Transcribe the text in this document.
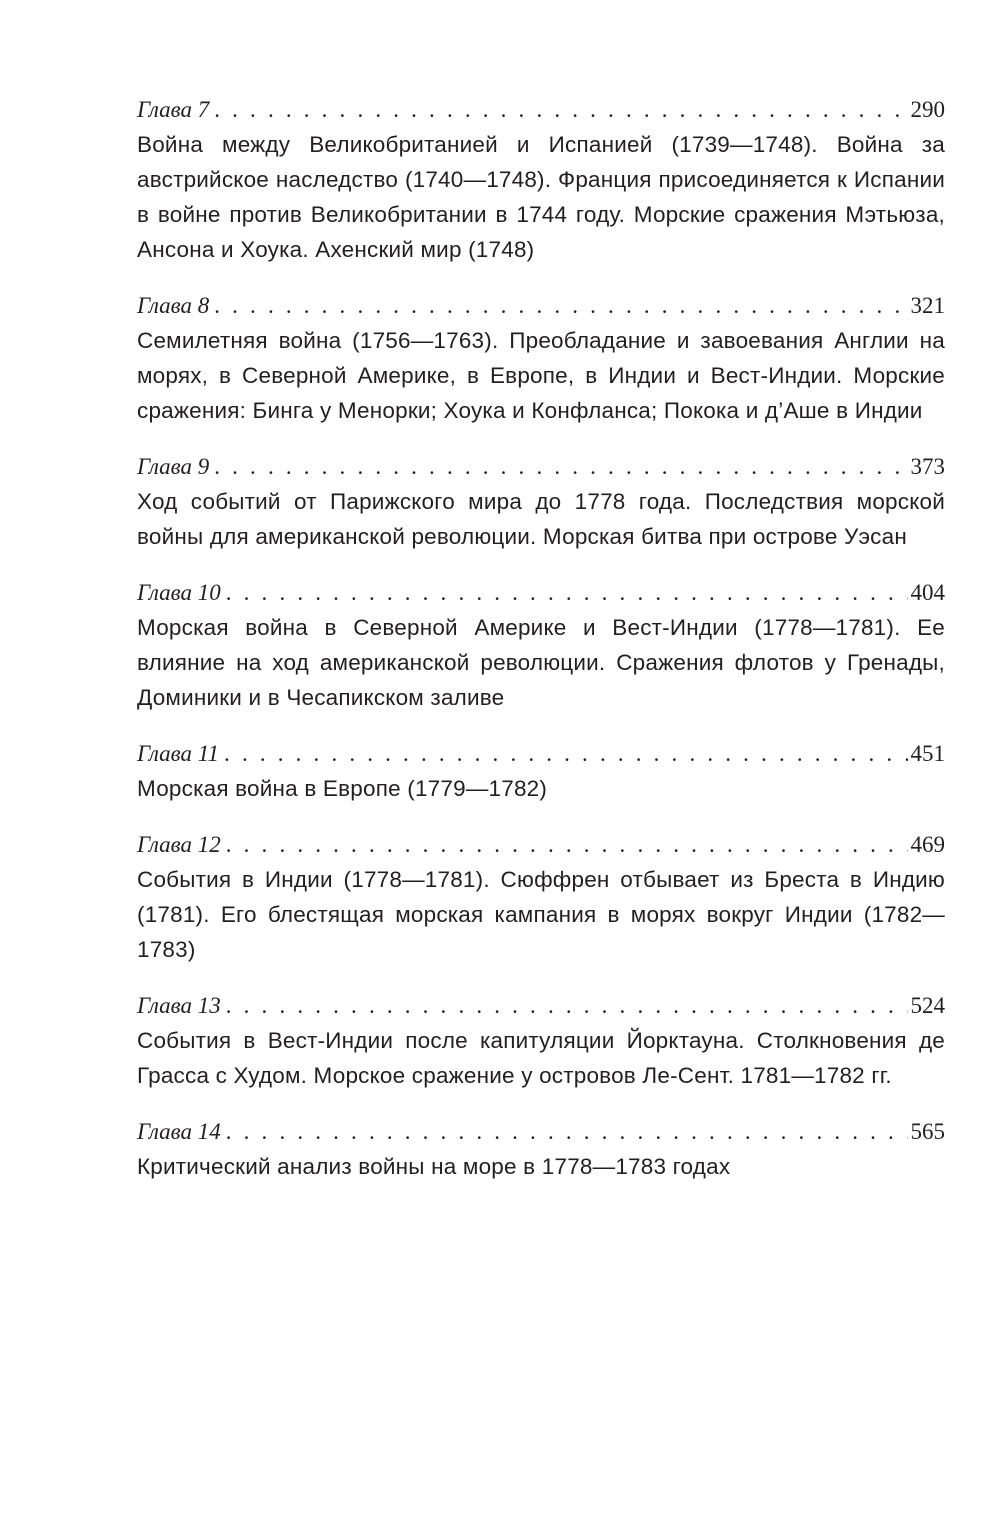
Глава 7 . . .	290

Война между Великобританией и Испанией (1739—1748). Война за австрийское наследство (1740—1748). Франция присоединяется к Испании в войне против Великобритании в 1744 году. Морские сражения Мэтьюза, Ансона и Хоука. Ахенский мир (1748)

Глава 8 . . .	321

Семилетняя война (1756—1763). Преобладание и завоевания Англии на морях, в Северной Америке, в Европе, в Индии и Вест-Индии. Морские сражения: Бинга у Менорки; Хоука и Конфланса; Покока и д’Аше в Индии

Глава 9 . . .	373

Ход событий от Парижского мира до 1778 года. Последствия морской войны для американской революции. Морская битва при острове Уэсан

Глава 10 . . .	404

Морская война в Северной Америке и Вест-Индии (1778—1781). Ее влияние на ход американской революции. Сражения флотов у Гренады, Доминики и в Чесапикском заливе

Глава 11 . . .	451

Морская война в Европе (1779—1782)

Глава 12 . . .	469

События в Индии (1778—1781). Сюффрен отбывает из Бреста в Индию (1781). Его блестящая морская кампания в морях вокруг Индии (1782—1783)

Глава 13 . . .	524

События в Вест-Индии после капитуляции Йорктауна. Столкновения де Грасса с Худом. Морское сражение у островов Ле-Сент. 1781—1782 гг.

Глава 14 . . .	565

Критический анализ войны на море в 1778—1783 годах
